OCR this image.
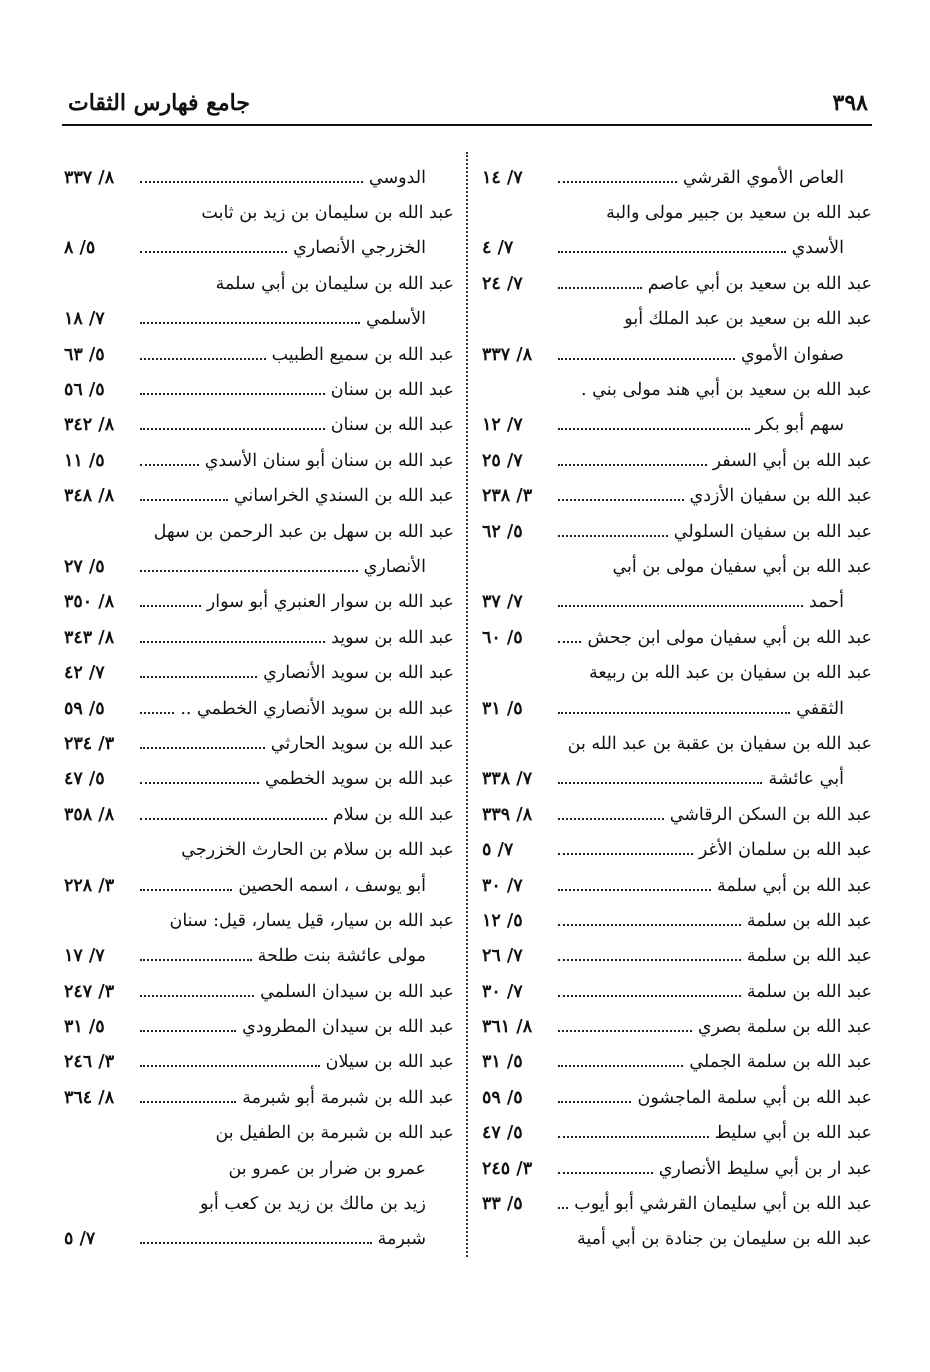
٣٩٨
جامع فهارس الثقات
العاص الأموي القرشي
٧/ ١٤
عبد الله بن سعيد بن جبير مولى والبة
الأسدي
٧/ ٤
عبد الله بن سعيد بن أبي عاصم
٧/ ٢٤
عبد الله بن سعيد بن عبد الملك أبو
صفوان الأموي
٨/ ٣٣٧
عبد الله بن سعيد بن أبي هند مولى بني .
سهم أبو بكر
٧/ ١٢
عبد الله بن أبي السفر
٧/ ٢٥
عبد الله بن سفيان الأزدي
٣/ ٢٣٨
عبد الله بن سفيان السلولي
٥/ ٦٢
عبد الله بن أبي سفيان مولى بن أبي
أحمد
٧/ ٣٧
عبد الله بن أبي سفيان مولى ابن جحش
٥/ ٦٠
عبد الله بن سفيان بن عبد الله بن ربيعة
الثقفي
٥/ ٣١
عبد الله بن سفيان بن عقبة بن عبد الله بن
أبي عائشة
٧/ ٣٣٨
عبد الله بن السكن الرقاشي
٨/ ٣٣٩
عبد الله بن سلمان الأغر
٧/ ٥
عبد الله بن أبي سلمة
٧/ ٣٠
عبد الله بن سلمة
٥/ ١٢
عبد الله بن سلمة
٧/ ٢٦
عبد الله بن سلمة
٧/ ٣٠
عبد الله بن سلمة بصري
٨/ ٣٦١
عبد الله بن سلمة الجملي
٥/ ٣١
عبد الله بن أبي سلمة الماجشون
٥/ ٥٩
عبد الله بن أبي سليط
٥/ ٤٧
عبد ار بن أبي سليط الأنصاري
٣/ ٢٤٥
عبد الله بن أبي سليمان القرشي أبو أيوب
٥/ ٣٣
عبد الله بن سليمان بن جنادة بن أبي أمية
الدوسي
٨/ ٣٣٧
عبد الله بن سليمان بن زيد بن ثابت
الخزرجي الأنصاري
٥/ ٨
عبد الله بن سليمان بن أبي سلمة
الأسلمي
٧/ ١٨
عبد الله بن سميع الطبيب
٥/ ٦٣
عبد الله بن سنان
٥/ ٥٦
عبد الله بن سنان
٨/ ٣٤٢
عبد الله بن سنان أبو سنان الأسدي
٥/ ١١
عبد الله بن السندي الخراساني
٨/ ٣٤٨
عبد الله بن سهل بن عبد الرحمن بن سهل
الأنصاري
٥/ ٢٧
عبد الله بن سوار العنبري أبو سوار
٨/ ٣٥٠
عبد الله بن سويد
٨/ ٣٤٣
عبد الله بن سويد الأنصاري
٧/ ٤٢
عبد الله بن سويد الأنصاري الخطمي ..
٥/ ٥٩
عبد الله بن سويد الحارثي
٣/ ٢٣٤
عبد الله بن سويد الخطمي
٥/ ٤٧
عبد الله بن سلام
٨/ ٣٥٨
عبد الله بن سلام بن الحارث الخزرجي
أبو يوسف ، اسمه الحصين
٣/ ٢٢٨
عبد الله بن سيار، قيل يسار، قيل: سنان
مولى عائشة بنت طلحة
٧/ ١٧
عبد الله بن سيدان السلمي
٣/ ٢٤٧
عبد الله بن سيدان المطرودي
٥/ ٣١
عبد الله بن سيلان
٣/ ٢٤٦
عبد الله بن شبرمة أبو شبرمة
٨/ ٣٦٤
عبد الله بن شبرمة بن الطفيل بن
عمرو بن ضرار بن عمرو بن
زيد بن مالك بن زيد بن كعب أبو
شبرمة
٧/ ٥
